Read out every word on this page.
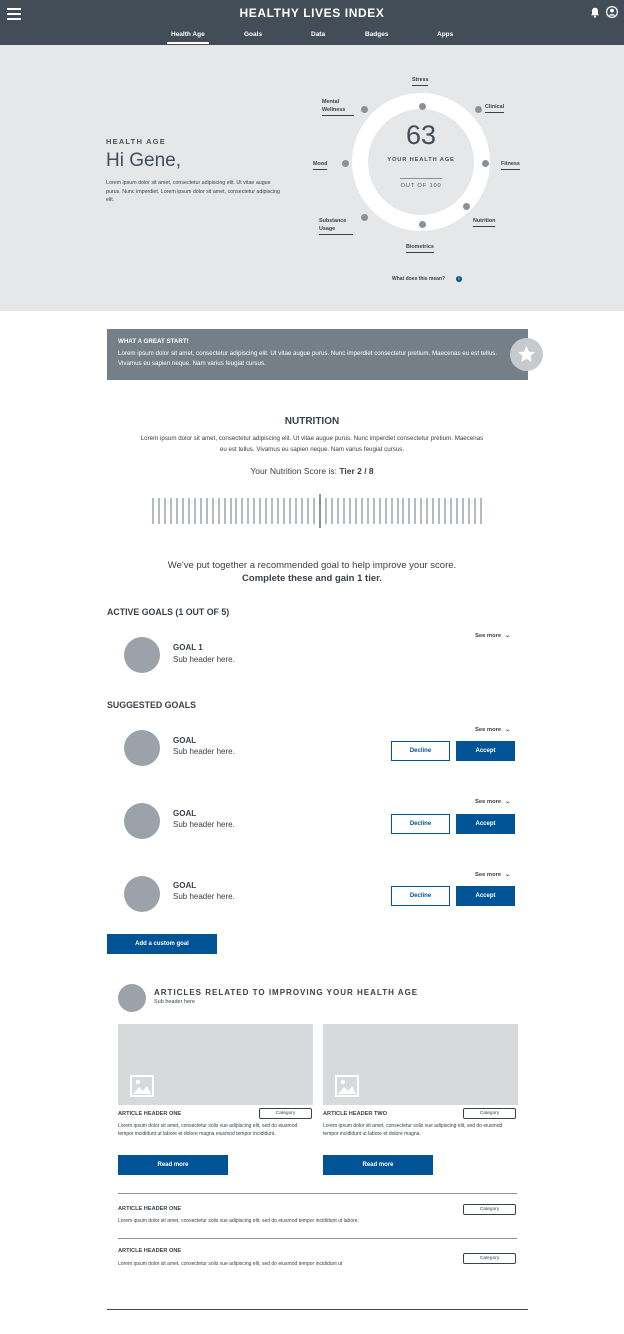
HEALTHY LIVES INDEX
Health Age	Goals	Data	Badges	Apps
HEALTH AGE
Hi Gene,
Lorem ipsum dolor sit amet, consectetur adipiscing elit. Ut vitae augue purus. Nunc imperdiet. Lorem ipsum dolor sit amet, consectetur adipiscing elit.
63
YOUR HEALTH AGE
OUT OF 100
Stress
Clinical
Fitness
Nutrition
Biometrics
Substance Usage
Mood
Mental Wellness
What does this mean?	i
WHAT A GREAT START!
Lorem ipsum dolor sit amet, consectetur adipiscing elit. Ut vitae augue purus. Nunc imperdiet consectetur pretium. Maecenas eu est tellus. Vivamus eu sapien neque. Nam varius feugiat cursus.
NUTRITION
Lorem ipsum dolor sit amet, consectetur adipiscing elit. Ut vitae augue purus. Nunc imperdiet consectetur pretium. Maecenas eu est tellus. Vivamus eu sapien neque. Nam varius feugiat cursus.
Your Nutrition Score is: Tier 2 / 8
We've put together a recommended goal to help improve your score.
Complete these and gain 1 tier.
ACTIVE GOALS (1 OUT OF 5)
See more ⌄
GOAL 1
Sub header here.
SUGGESTED GOALS
See more ⌄
GOAL
Sub header here.	Decline	Accept
See more ⌄
GOAL
Sub header here.	Decline	Accept
See more ⌄
GOAL
Sub header here.	Decline	Accept
Add a custom goal
ARTICLES RELATED TO IMPROVING YOUR HEALTH AGE
Sub header here
ARTICLE HEADER ONE	Category
Lorem ipsum dolor sit amet, consectetur solis vue adipiscing elit, sed do eiusmod tempor incididunt ut labore et dolore magna eiusmod tempor incididunt.
Read more
ARTICLE HEADER TWO	Category
Lorem ipsum dolor sit amet, consectetur solis vue adipiscing elit, sed do eiusmod tempor incididunt ut labore et dolore magna.
Read more
ARTICLE HEADER ONE	Category
Lorem ipsum dolor sit amet, consectetur solis vue adipiscing elit, sed do eiusmod tempor incididunt ut labore.
ARTICLE HEADER ONE
Category
Lorem ipsum dolor sit amet, consectetur solis vue adipiscing elit, sed do eiusmod tempor incididunt ut
